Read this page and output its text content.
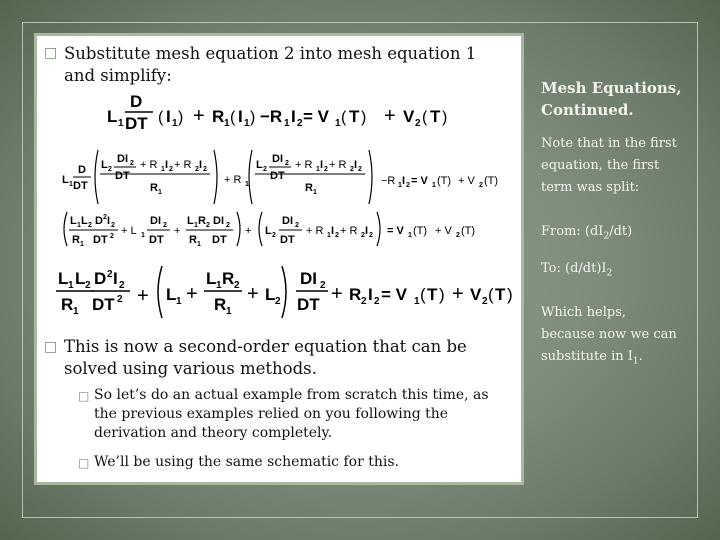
□ Substitute mesh equation 2 into mesh equation 1
and simplify:
L 1
D
DT ( I 1 ) + R 1 ( I 1 ) −R 1 I 2 = V 1 ( T ) + V 2 ( T )
L 1
D
DT
L 2
DI 2
DT
+ R 1 I 2 + R 2 I 2
R 1
+ R 1
L 2
DI 2
DT
+ R 1 I 2 + R 2 I 2
R 1
−R 1 I 2 = V 1 (T) + V 2 (T)
L 1 L 2 D 2 I 2
R 1 DT 2 + L 1
DI 2
DT
+
L 1 R 2 DI 2
R 1 DT
+ L 2
DI 2
DT
+ R 1 I 2 + R 2 I 2 = V 1 (T) + V 2 (T)
L 1 L 2
R 1
D 2 I 2
DT 2 + L 1 +
L 1 R 2
R 1
+ L 2
DI 2
DT + R 2 I 2 = V 1 ( T ) + V 2 ( T )
□ This is now a second-order equation that can be
solved using various methods.
□ So let’s do an actual example from scratch this time, as
the previous examples relied on you following the
derivation and theory completely.
□ We’ll be using the same schematic for this.
Mesh Equations,
Continued.
Note that in the first
equation, the first
term was split:
From: $(dI_2/dt)$
To: $(d/dt)I_2$
Which helps,
because now we can
substitute in $I_1$.
